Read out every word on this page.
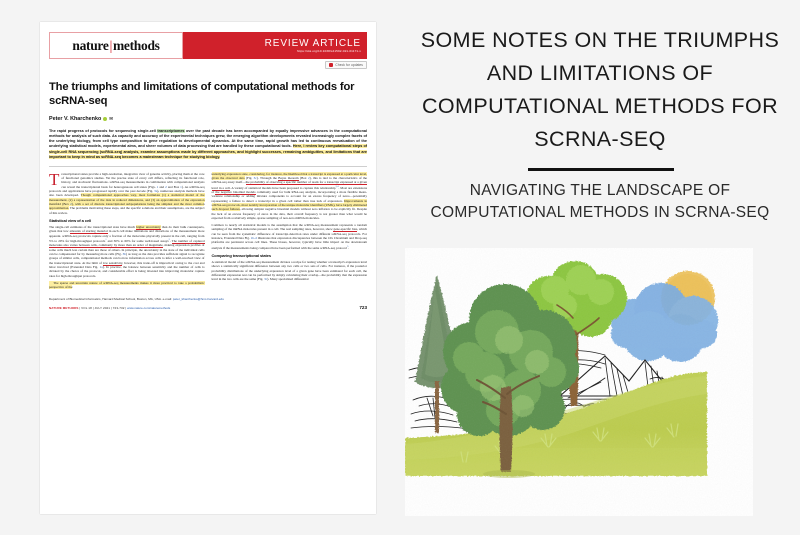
nature|methods	REVIEW ARTICLE
https://doi.org/10.1038/s41592-021-01171-x
Check for updates
The triumphs and limitations of computational methods for scRNA-seq
Peter V. Kharchenko ✉
The rapid progress of protocols for sequencing single-cell transcriptomes over the past decade has been accompanied by equally impressive advances in the computational methods for analysis of such data. As capacity and accuracy of the experimental techniques grew, the emerging algorithm developments revealed increasingly complex facets of the underlying biology, from cell type composition to gene regulation to developmental dynamics. At the same time, rapid growth has led to continuous reevaluation of the underlying statistical models, experimental aims, and sheer volumes of data processing that are handled by these computational tools. Here, I review key computational steps of single-cell RNA sequencing (scRNA-seq) analysis, examine assumptions made by different approaches, and highlight successes, remaining ambiguities, and limitations that are important to keep in mind as scRNA-seq becomes a mainstream technique for studying biology.

Transcriptional states provide a high-resolution, integrative view of genome activity, placing them at the core of functional genomics studies. Yet the precise state of every cell differs, reflecting its functional role, history, and stochastic fluctuations. scRNA-seq measurements in combination with computational analysis can reveal the transcriptional basis for heterogeneous cell states (Figs. 1 and 2 and Box 1). As scRNA-seq protocols and applications have progressed rapidly over the past decade (Fig. 3a), numerous analysis methods have also been developed. Though computational approaches vary, most formulate (1) a statistical model of the measurement, (2) a representation of the data in reduced dimensions, and (3) an approximation of the expression manifold (Box 2), with a set of discrete transcriptional subpopulations being the simplest and the most common approximation. The problems motivating these steps, and the specific solutions and their assumptions, are the subject of this review.

Statistical view of a cell

The single-cell estimates of the transcriptional state have much higher uncertainty than do their bulk counterparts, given that low amounts of starting material in each cell make limitations and distortions of the measurement more apparent. scRNA-seq protocols capture only a fraction of the molecules physically present in the cell, ranging from 5% to 20% for high-throughput protocols$^1$ and 30% to 60% for some well-based assays$^2$. The number of captured molecules also varies between cells, commonly by more than an order of magnitude, making expression profiles of some cells much less certain than are those of others. In principle, the uncertainty in the state of the individual cells can be compensated for by measuring more cells (Fig. 3b) as long as the data provides sufficient signal to recognize groups of similar cells, computational methods can borrow information across cells to infer a well-resolved view of the transcriptional state. At the limit of low sensitivity, however, this trade-off is impractical owing to the cost and labor involved (Extended Data Fig. 1a). In practice, the balance between sensitivity and the number of cells is dictated by the choice of the protocol, and considerable effort is being invested into improving molecular capture rates for high-throughput protocols.

The sparse and uncertain nature of scRNA-seq measurements makes it more practical to take a probabilistic perspective of the

underlying expression state, considering, for instance, the likelihood that a transcript is expressed at a particular level, given the observed data (Fig. 3c). Through the Bayes theorem (Box 2), this is tied to the characteristics of the scRNA-seq assay itself—the probability of observing a specific number of reads for a transcript expressed at a given level in a cell. A variety of statistical models have been proposed to capture this relationship$^{3,4}$. Most are extensions of the negative binomial models commonly used for bulk RNA-seq analysis, incorporating a more flexible mean-variance relationship or adding mixture components to account for an excess frequency of zeros—potentially representing a failure to detect a transcript in a given cell rather than true lack of expression. Improvements in scRNA-seq protocols, most notably incorporation of the unique molecular identifiers (UMIs), have largely eliminated such dropout failures, allowing simpler negative binomial models without zero inflation to be explicitly fit. Despite the lack of an excess frequency of zeros in the data, their overall frequency is not greater than what would be expected from a relatively simple, sparse sampling of non-zero mRNA molecules.

Common to nearly all statistical models is the assumption that the scRNA-seq measurement represents a random sampling of the mRNA molecules present in a cell. The real sampling rates, however, show gene-specific bias, which can be seen from the systematic difference of transcript-detection rates under different scRNA-seq protocols. For instance, Extended Data Fig. 1b-d illustrates that expression discrepancies between the 10x Chromium and Drop-seq platforms are persistent across cell lines. These biases, however, typically have little impact on the downstream analysis if the measurements being compared have been performed with the same scRNA-seq protocol$^5$.

Comparing transcriptional states

A statistical model of the scRNA-seq measurement dictates a recipe for testing whether a transcript's expression level shows a statistically significant difference between any two cells or two sets of cells. For instance, if the posterior probability distributions of the underlying expression level of a given gene have been estimated for each cell, the differential expression test can be performed by simply calculating their overlap—the probability that the expression level in the two cells are the same (Fig. 3c). Many specialized differential

Department of Biomedical Informatics, Harvard Medical School, Boston, MA, USA. e-mail: peter_kharchenko@hms.harvard.edu
NATURE METHODS | VOL 18 | JULY 2021 | 723-732 | www.nature.com/naturemethods	723
SOME NOTES ON THE TRIUMPHS AND LIMITATIONS OF COMPUTATIONAL METHODS FOR SCRNA-SEQ
NAVIGATING THE LANDSCAPE OF COMPUTATIONAL METHODS IN SCRNA-SEQ
